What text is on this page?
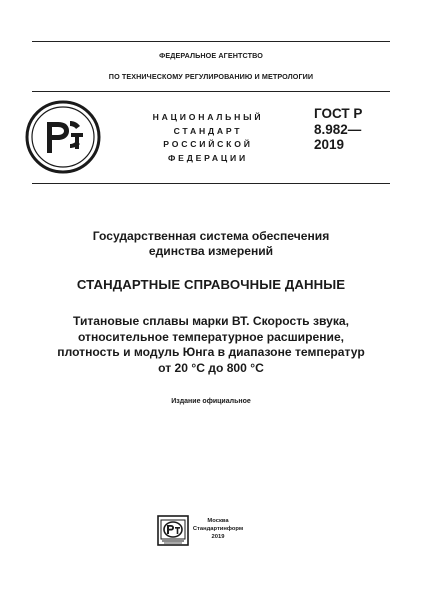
ФЕДЕРАЛЬНОЕ АГЕНТСТВО
ПО ТЕХНИЧЕСКОМУ РЕГУЛИРОВАНИЮ И МЕТРОЛОГИИ
НАЦИОНАЛЬНЫЙ
СТАНДАРТ
РОССИЙСКОЙ
ФЕДЕРАЦИИ
ГОСТ Р
8.982—
2019
Государственная система обеспечения
единства измерений
СТАНДАРТНЫЕ СПРАВОЧНЫЕ ДАННЫЕ
Титановые сплавы марки ВТ. Скорость звука,
относительное температурное расширение,
плотность и модуль Юнга в диапазоне температур
от 20 °C до 800 °C
Издание официальное
Москва
Стандартинформ
2019
